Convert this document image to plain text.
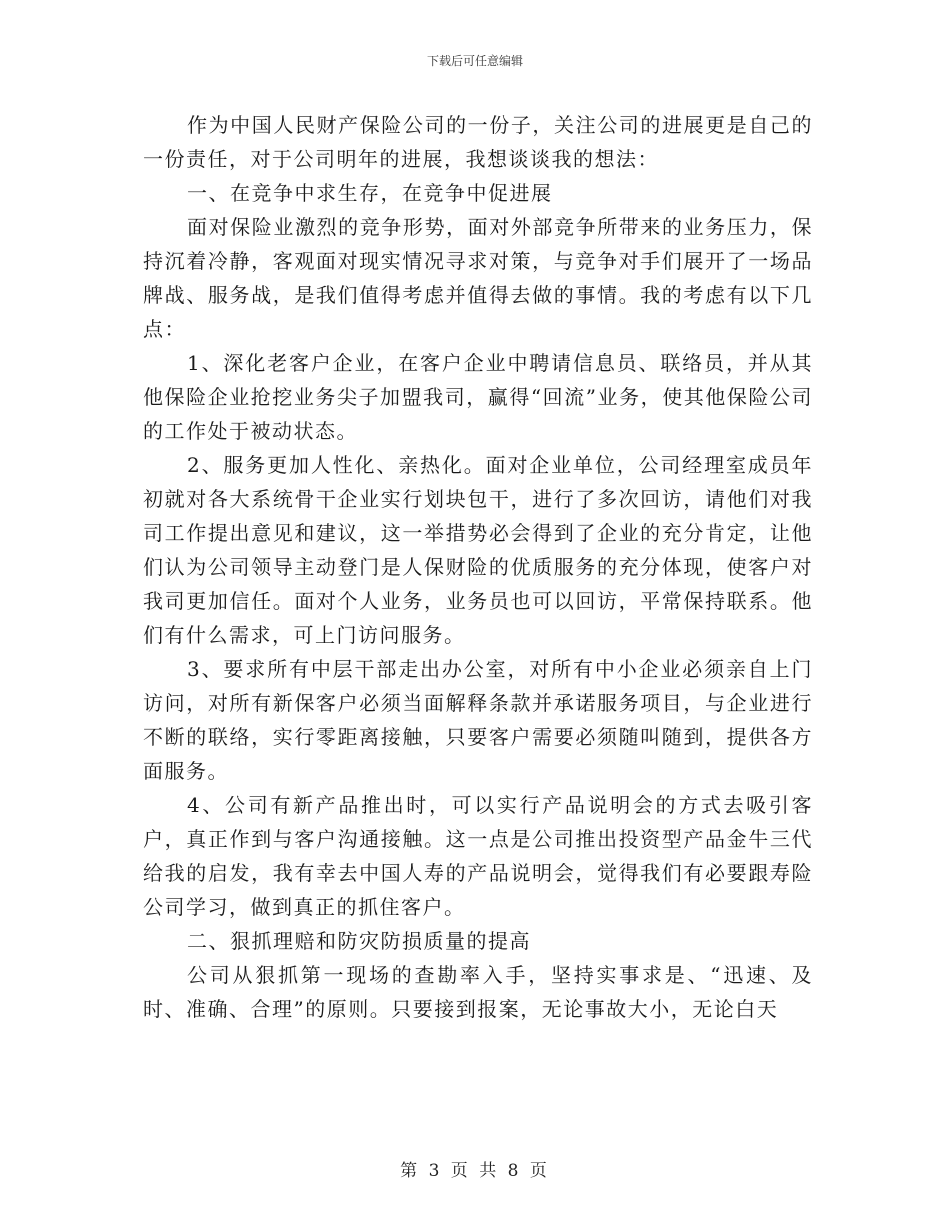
下载后可任意编辑

作为中国人民财产保险公司的一份子，关注公司的进展更是自己的一份责任，对于公司明年的进展，我想谈谈我的想法：

一、在竞争中求生存，在竞争中促进展

面对保险业激烈的竞争形势，面对外部竞争所带来的业务压力，保持沉着冷静，客观面对现实情况寻求对策，与竞争对手们展开了一场品牌战、服务战，是我们值得考虑并值得去做的事情。我的考虑有以下几点：

1、深化老客户企业，在客户企业中聘请信息员、联络员，并从其他保险企业抢挖业务尖子加盟我司，赢得“回流”业务，使其他保险公司的工作处于被动状态。

2、服务更加人性化、亲热化。面对企业单位，公司经理室成员年初就对各大系统骨干企业实行划块包干，进行了多次回访，请他们对我司工作提出意见和建议，这一举措势必会得到了企业的充分肯定，让他们认为公司领导主动登门是人保财险的优质服务的充分体现，使客户对我司更加信任。面对个人业务，业务员也可以回访，平常保持联系。他们有什么需求，可上门访问服务。

3、要求所有中层干部走出办公室，对所有中小企业必须亲自上门访问，对所有新保客户必须当面解释条款并承诺服务项目，与企业进行不断的联络，实行零距离接触，只要客户需要必须随叫随到，提供各方面服务。

4、公司有新产品推出时，可以实行产品说明会的方式去吸引客户，真正作到与客户沟通接触。这一点是公司推出投资型产品金牛三代给我的启发，我有幸去中国人寿的产品说明会，觉得我们有必要跟寿险公司学习，做到真正的抓住客户。

二、狠抓理赔和防灾防损质量的提高

公司从狠抓第一现场的查勘率入手，坚持实事求是、“迅速、及时、准确、合理”的原则。只要接到报案，无论事故大小，无论白天

第 3 页 共 8 页
